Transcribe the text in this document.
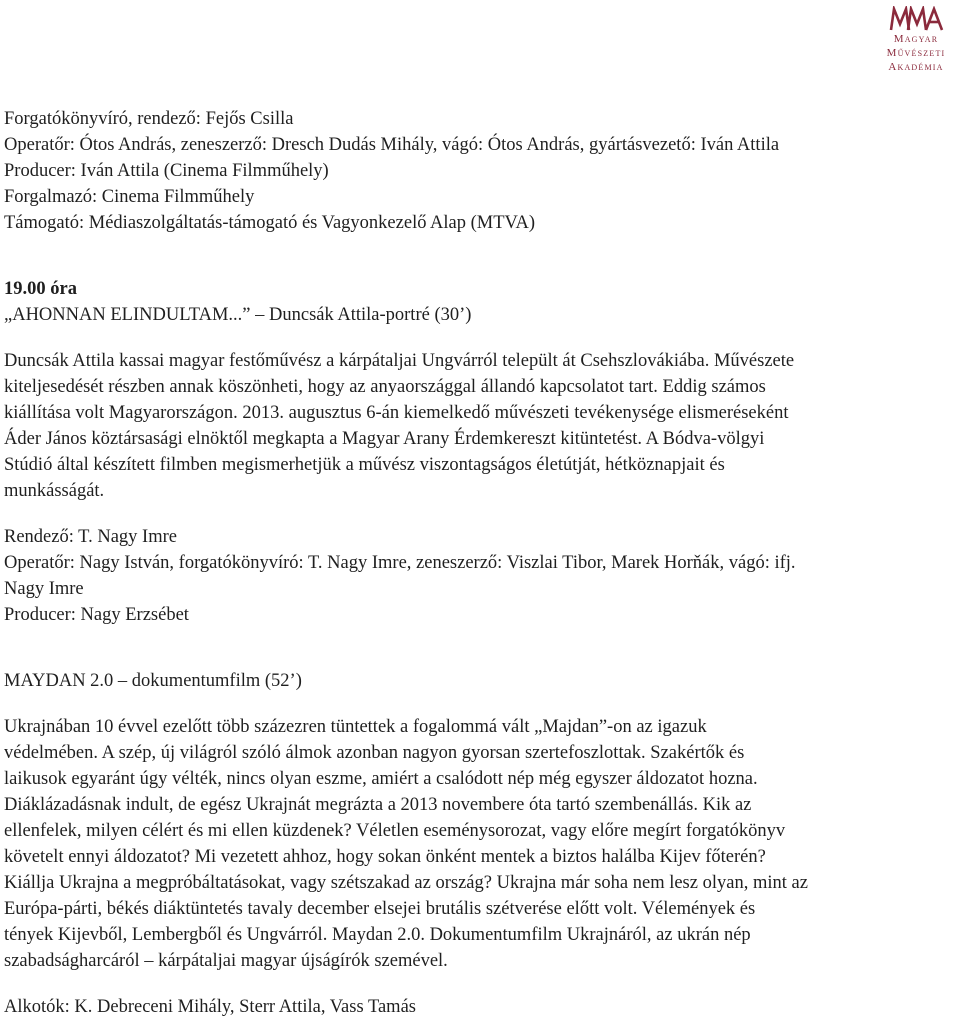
Magyar
Művészeti
Akadémia
Forgatókönyvíró, rendező: Fejős Csilla
Operatőr: Ótos András, zeneszerző: Dresch Dudás Mihály, vágó: Ótos András, gyártásvezető: Iván Attila
Producer: Iván Attila (Cinema Filmműhely)
Forgalmazó: Cinema Filmműhely
Támogató: Médiaszolgáltatás-támogató és Vagyonkezelő Alap (MTVA)
19.00 óra
„AHONNAN ELINDULTAM...” – Duncsák Attila-portré (30’)
Duncsák Attila kassai magyar festőművész a kárpátaljai Ungvárról települt át Csehszlovákiába. Művészete
kiteljesedését részben annak köszönheti, hogy az anyaországgal állandó kapcsolatot tart. Eddig számos
kiállítása volt Magyarországon. 2013. augusztus 6-án kiemelkedő művészeti tevékenysége elismeréseként
Áder János köztársasági elnöktől megkapta a Magyar Arany Érdemkereszt kitüntetést. A Bódva-völgyi
Stúdió által készített filmben megismerhetjük a művész viszontagságos életútját, hétköznapjait és
munkásságát.
Rendező: T. Nagy Imre
Operatőr: Nagy István, forgatókönyvíró: T. Nagy Imre, zeneszerző: Viszlai Tibor, Marek Horňák, vágó: ifj.
Nagy Imre
Producer: Nagy Erzsébet
MAYDAN 2.0 – dokumentumfilm (52’)
Ukrajnában 10 évvel ezelőtt több százezren tüntettek a fogalommá vált „Majdan”-on az igazuk
védelmében. A szép, új világról szóló álmok azonban nagyon gyorsan szertefoszlottak. Szakértők és
laikusok egyaránt úgy vélték, nincs olyan eszme, amiért a csalódott nép még egyszer áldozatot hozna.
Diáklázadásnak indult, de egész Ukrajnát megrázta a 2013 novembere óta tartó szembenállás. Kik az
ellenfelek, milyen célért és mi ellen küzdenek? Véletlen eseménysorozat, vagy előre megírt forgatókönyv
követelt ennyi áldozatot? Mi vezetett ahhoz, hogy sokan önként mentek a biztos halálba Kijev főterén?
Kiállja Ukrajna a megpróbáltatásokat, vagy szétszakad az ország? Ukrajna már soha nem lesz olyan, mint az
Európa-párti, békés diáktüntetés tavaly december elsejei brutális szétverése előtt volt. Vélemények és
tények Kijevből, Lembergből és Ungvárról. Maydan 2.0. Dokumentumfilm Ukrajnáról, az ukrán nép
szabadságharcáról – kárpátaljai magyar újságírók szemével.
Alkotók: K. Debreceni Mihály, Sterr Attila, Vass Tamás
